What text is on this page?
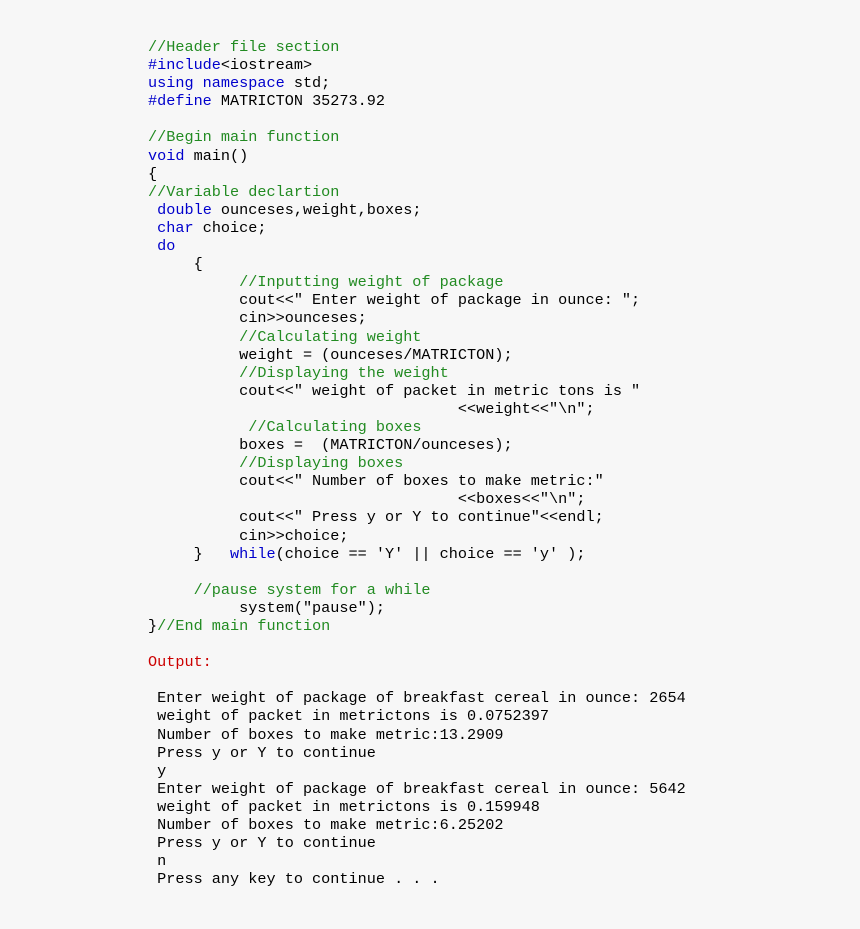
//Header file section
#include<iostream>
using namespace std;
#define MATRICTON 35273.92
//Begin main function
void main()
{
//Variable declartion
double ounceses,weight,boxes;
char choice;
do
{
//Inputting weight of package
cout<<" Enter weight of package in ounce: ";
cin>>ounceses;
//Calculating weight
weight = (ounceses/MATRICTON);
//Displaying the weight
cout<<" weight of packet in metric tons is "
<<weight<<"\n";
//Calculating boxes
boxes =  (MATRICTON/ounceses);
//Displaying boxes
cout<<" Number of boxes to make metric:"
<<boxes<<"\n";
cout<<" Press y or Y to continue"<<endl;
cin>>choice;
}   while(choice == 'Y' || choice == 'y' );
//pause system for a while
system("pause");
}//End main function
Output:
Enter weight of package of breakfast cereal in ounce: 2654
weight of packet in metrictons is 0.0752397
Number of boxes to make metric:13.2909
Press y or Y to continue
y
Enter weight of package of breakfast cereal in ounce: 5642
weight of packet in metrictons is 0.159948
Number of boxes to make metric:6.25202
Press y or Y to continue
n
Press any key to continue . . .
